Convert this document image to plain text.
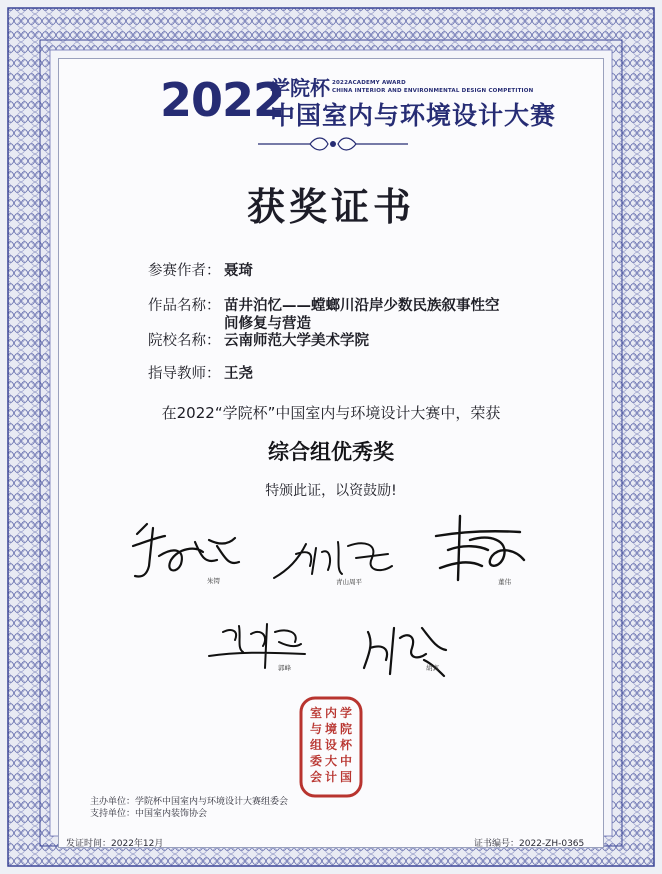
2022
学院杯 2022ACADEMY AWARD
CHINA INTERIOR AND ENVIRONMENTAL DESIGN COMPETITION
中国室内与环境设计大赛
获奖证书
参赛作者： 聂琦
作品名称： 苗井泊忆——螳螂川沿岸少数民族叙事性空
间修复与营造
院校名称： 云南师范大学美术学院
指导教师： 王尧
在2022“学院杯”中国室内与环境设计大赛中，荣获
综合组优秀奖
特颁此证，以资鼓励!
朱锷	青山周平	董伟
郭峰	胡宾
学
院
杯
中
国
内
境
设
大
计
室
与
组
委
会
主办单位：学院杯中国室内与环境设计大赛组委会
支持单位：中国室内装饰协会
发证时间：2022年12月	证书编号：2022-ZH-0365
